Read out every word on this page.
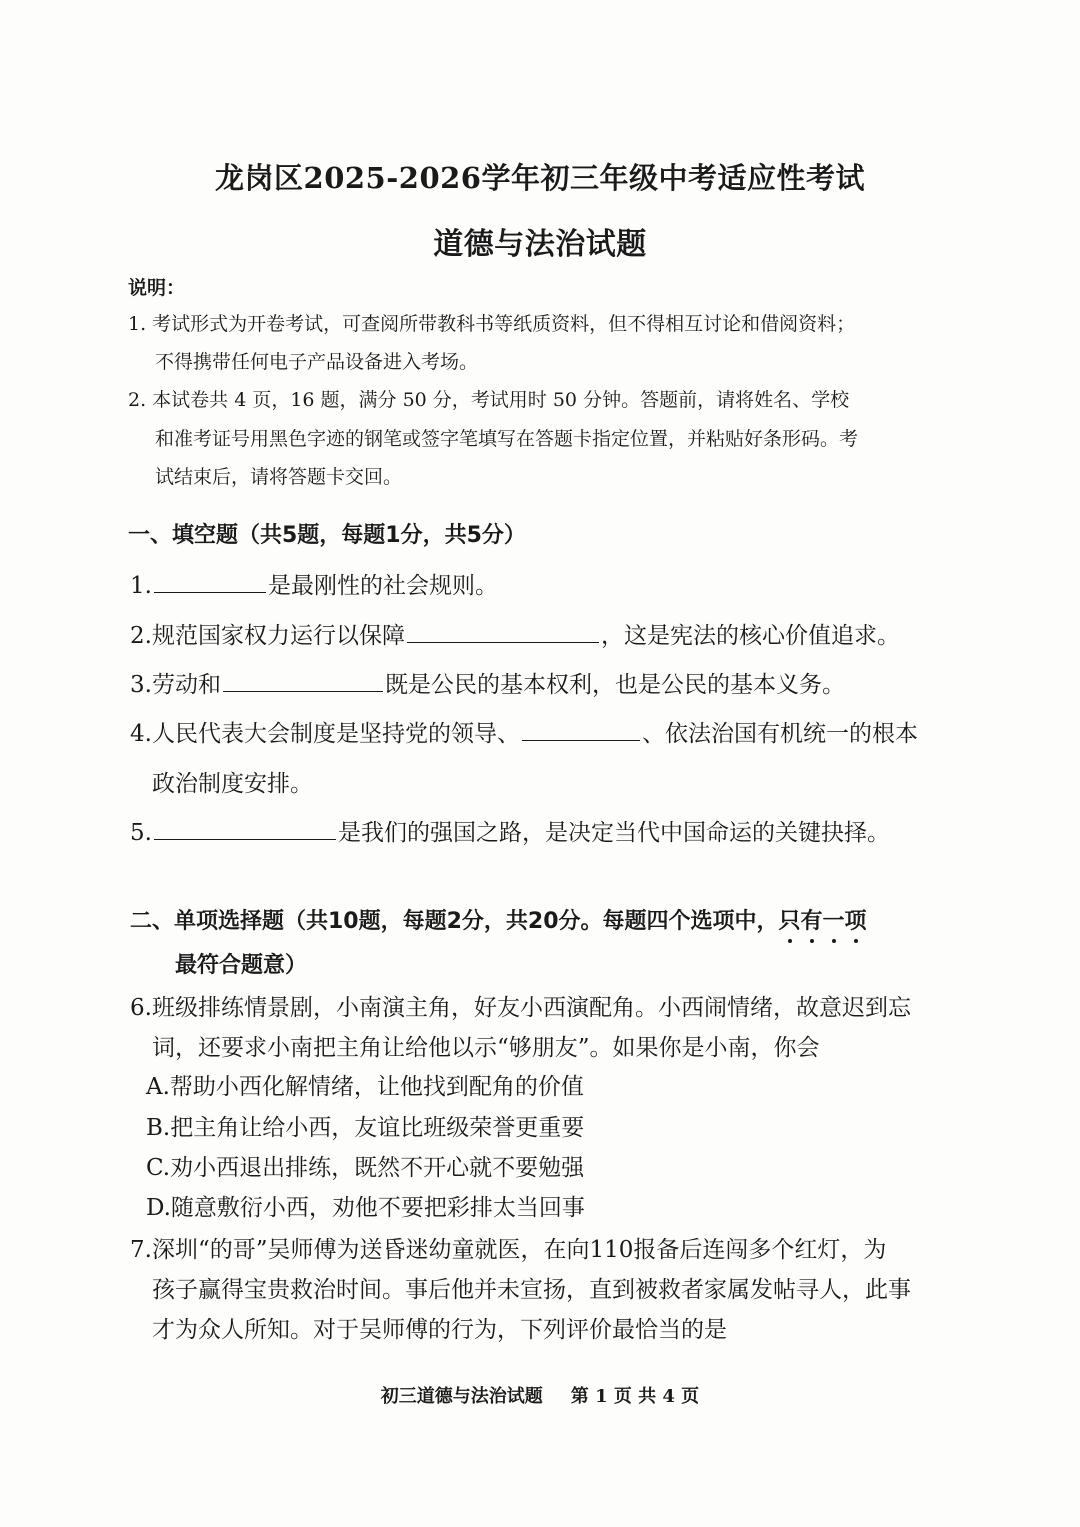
龙岗区2025-2026学年初三年级中考适应性考试
道德与法治试题
说明：
1. 考试形式为开卷考试，可查阅所带教科书等纸质资料，但不得相互讨论和借阅资料；
不得携带任何电子产品设备进入考场。
2. 本试卷共 4 页，16 题，满分 50 分，考试用时 50 分钟。答题前，请将姓名、学校
和准考证号用黑色字迹的钢笔或签字笔填写在答题卡指定位置，并粘贴好条形码。考
试结束后，请将答题卡交回。
一、填空题（共5题，每题1分，共5分）
1.	是最刚性的社会规则。
2.规范国家权力运行以保障	，这是宪法的核心价值追求。
3.劳动和	既是公民的基本权利，也是公民的基本义务。
4.人民代表大会制度是坚持党的领导、	、依法治国有机统一的根本
政治制度安排。
5.	是我们的强国之路，是决定当代中国命运的关键抉择。
二、单项选择题（共10题，每题2分，共20分。每题四个选项中，只有一项
最符合题意）
6.班级排练情景剧，小南演主角，好友小西演配角。小西闹情绪，故意迟到忘
词，还要求小南把主角让给他以示“够朋友”。如果你是小南，你会
A.帮助小西化解情绪，让他找到配角的价值
B.把主角让给小西，友谊比班级荣誉更重要
C.劝小西退出排练，既然不开心就不要勉强
D.随意敷衍小西，劝他不要把彩排太当回事
7.深圳“的哥”吴师傅为送昏迷幼童就医，在向110报备后连闯多个红灯，为
孩子赢得宝贵救治时间。事后他并未宣扬，直到被救者家属发帖寻人，此事
才为众人所知。对于吴师傅的行为，下列评价最恰当的是
初三道德与法治试题 第 1 页 共 4 页
